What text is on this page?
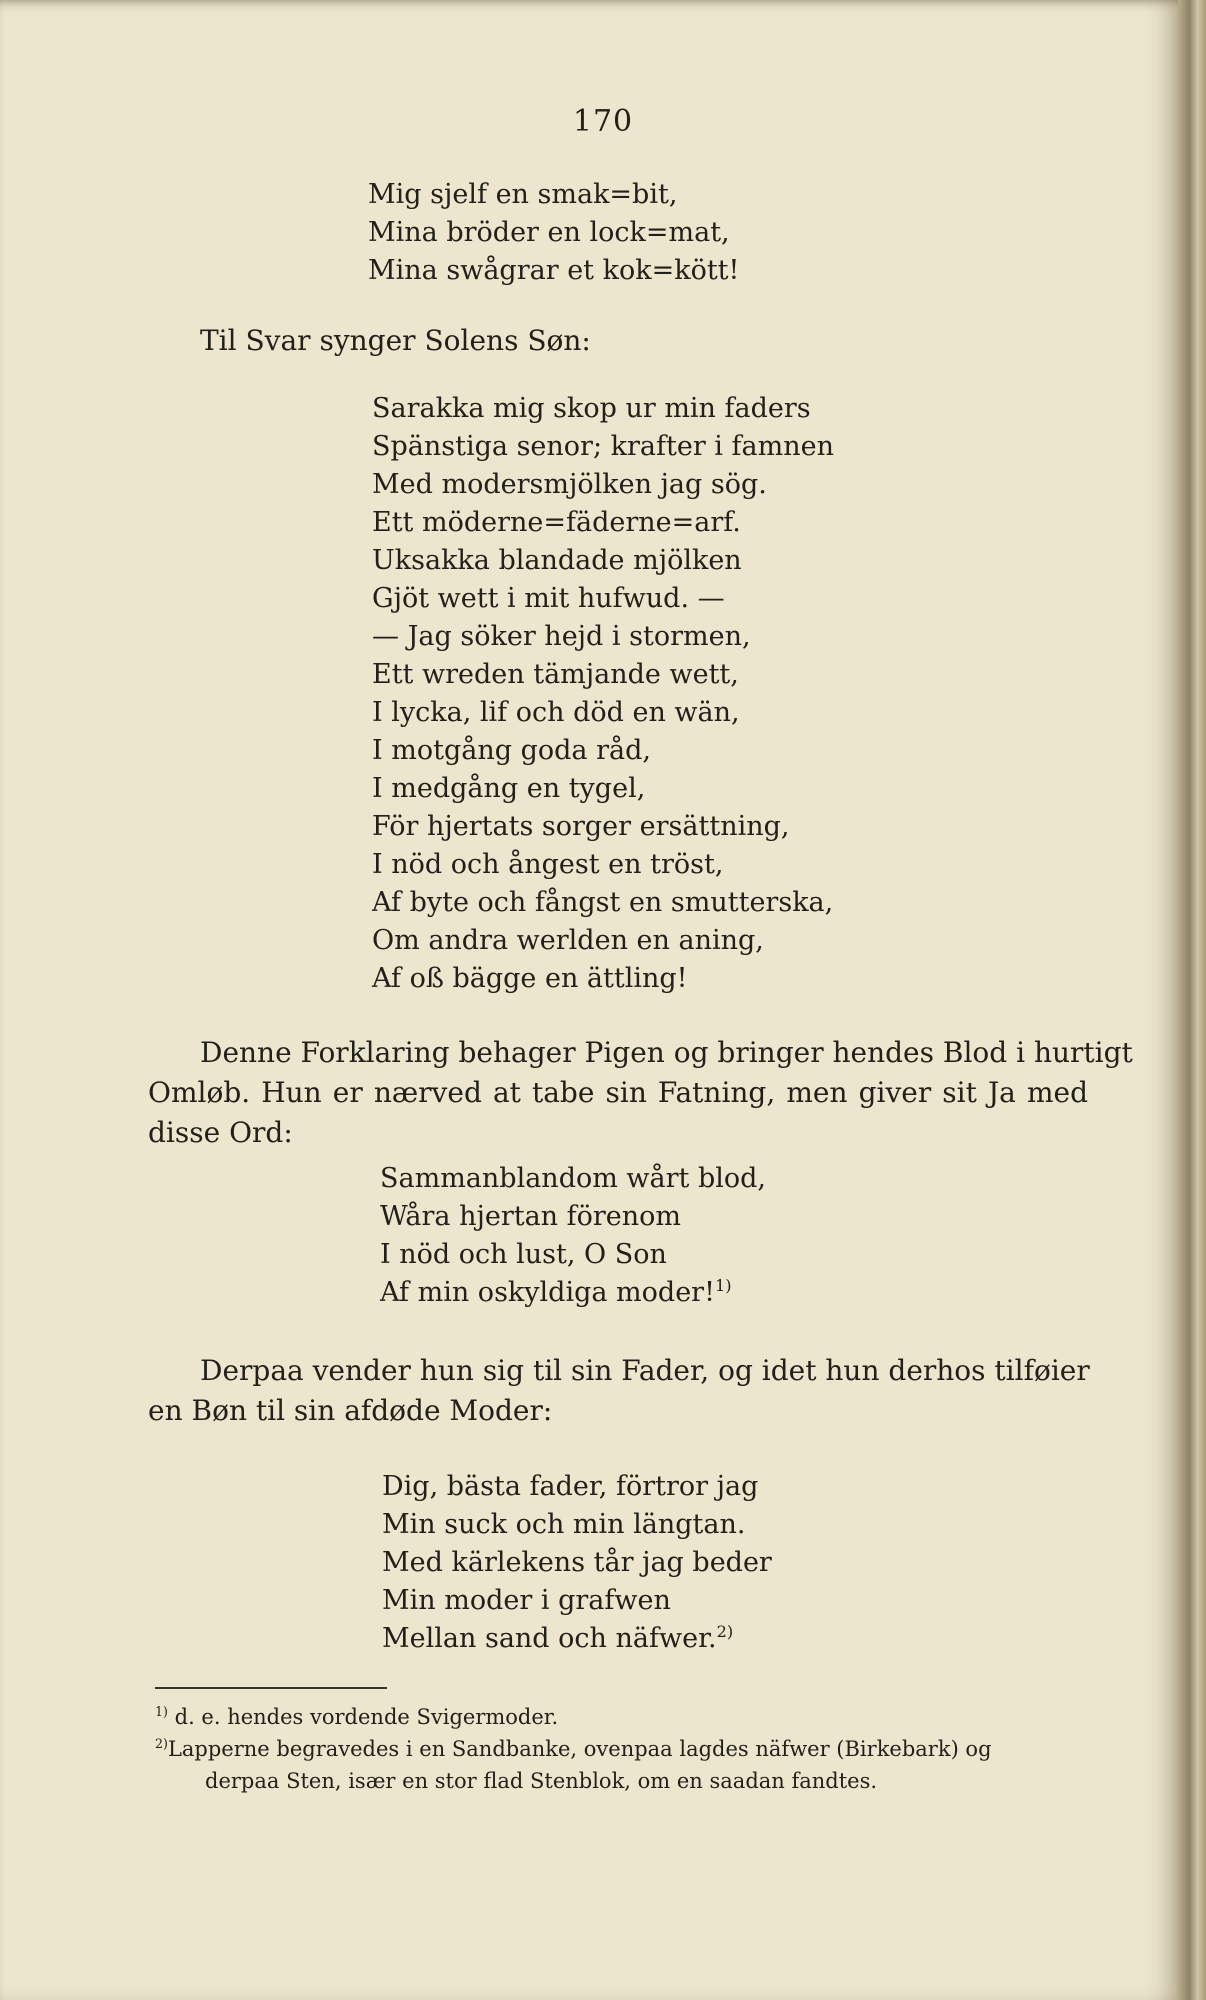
170
Mig sjelf en smak=bit,
Mina bröder en lock=mat,
Mina swågrar et kok=kött!
Til Svar synger Solens Søn:
Sarakka mig skop ur min faders
Spänstiga senor; krafter i famnen
Med modersmjölken jag sög.
Ett möderne=fäderne=arf.
Uksakka blandade mjölken
Gjöt wett i mit hufwud. —
— Jag söker hejd i stormen,
Ett wreden tämjande wett,
I lycka, lif och död en wän,
I motgång goda råd,
I medgång en tygel,
För hjertats sorger ersättning,
I nöd och ångest en tröst,
Af byte och fångst en smutterska,
Om andra werlden en aning,
Af oß bägge en ättling!
Denne Forklaring behager Pigen og bringer hendes Blod i hurtigt
Omløb. Hun er nærved at tabe sin Fatning, men giver sit Ja med
disse Ord:
Sammanblandom wårt blod,
Wåra hjertan förenom
I nöd och lust, O Son
Af min oskyldiga moder!$^{1)}$
Derpaa vender hun sig til sin Fader, og idet hun derhos tilføier
en Bøn til sin afdøde Moder:
Dig, bästa fader, förtror jag
Min suck och min längtan.
Med kärlekens tår jag beder
Min moder i grafwen
Mellan sand och näfwer.$^{2)}$
$^{1)}$ d. e. hendes vordende Svigermoder.
$^{2)}$Lapperne begravedes i en Sandbanke, ovenpaa lagdes näfwer (Birkebark) og
derpaa Sten, især en stor flad Stenblok, om en saadan fandtes.
